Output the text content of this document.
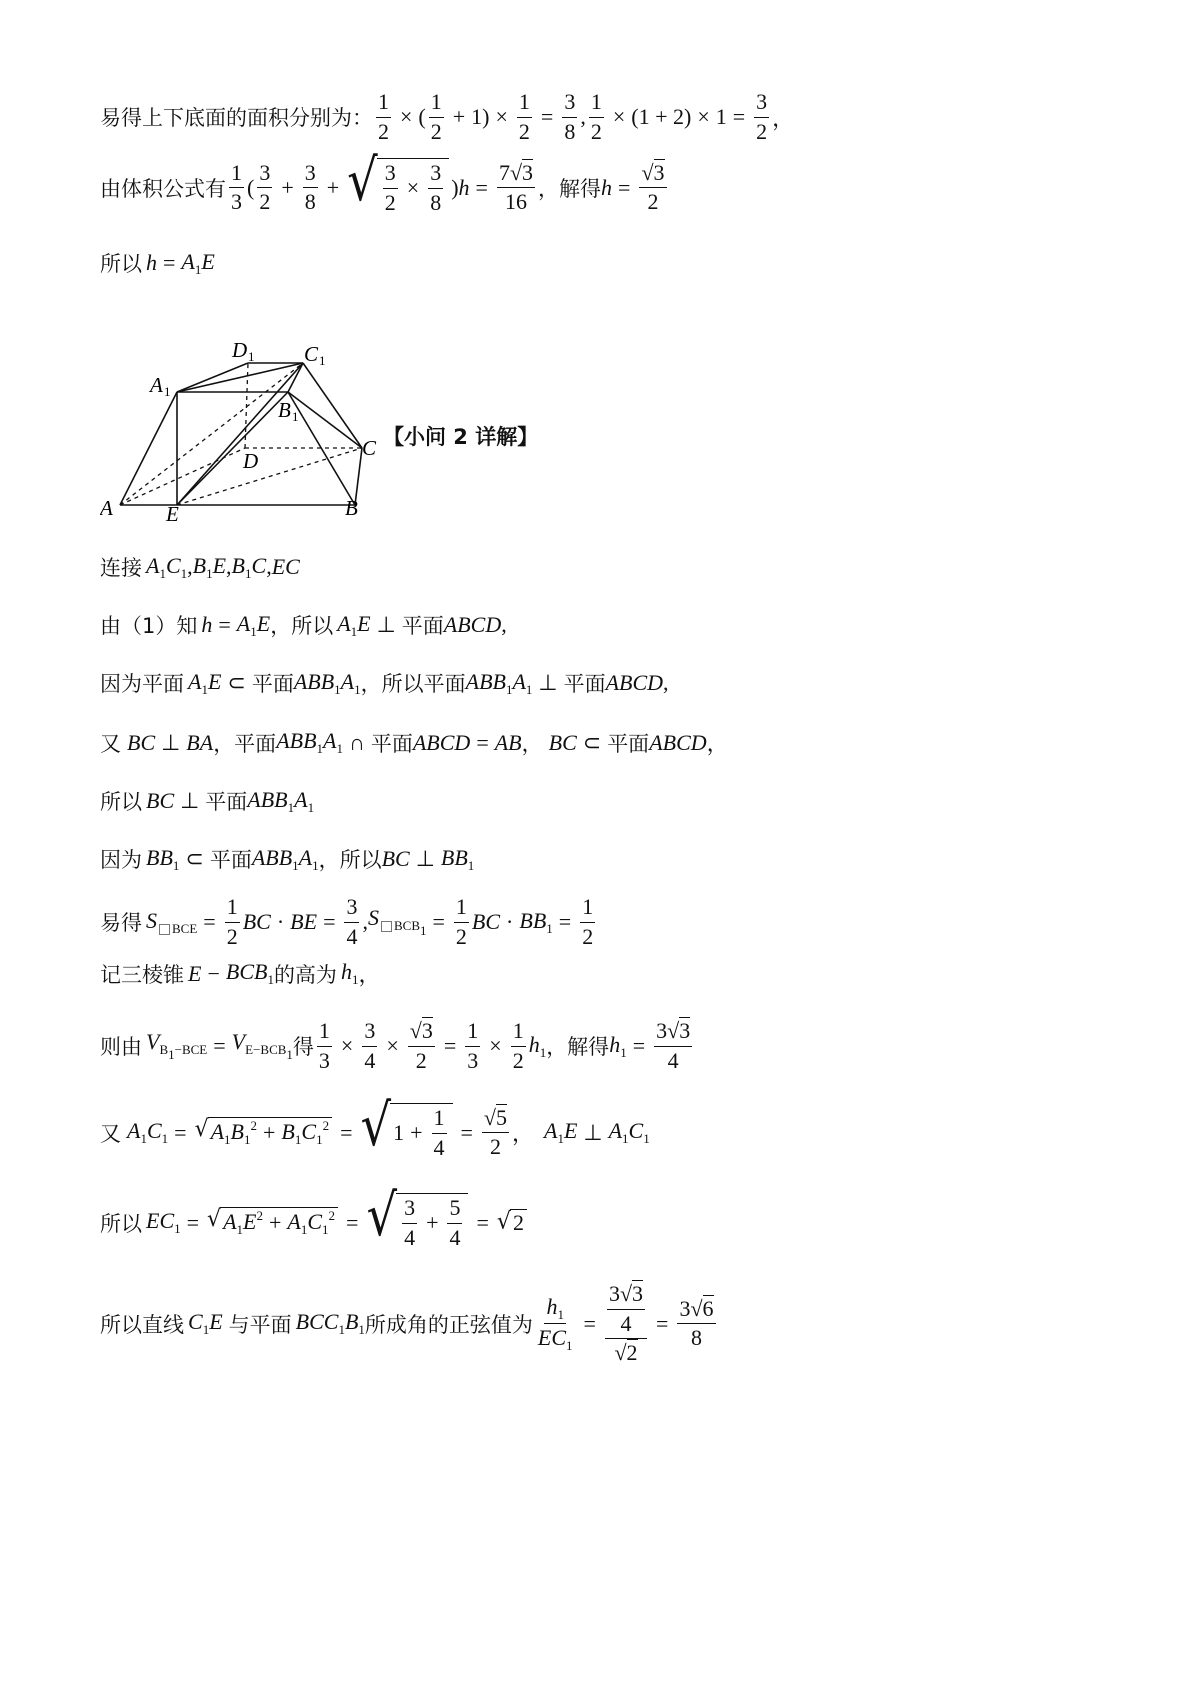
易得上下底面的面积分别为： $\frac{1}{2}$ × ( $\frac{1}{2} + 1) \times \frac{1}{2} = \frac{3}{8}$ , $\frac{1}{2} \times (1 + 2) \times 1 = \frac{3}{2}$ ，
由体积公式有 $\frac{1}{3}$ ( $\frac{3}{2} + \frac{3}{8}$ + √ $\frac{3}{2} \times \frac{3}{8}$ ) $h = \frac{7√3}{16}$ ，解得 $h = \frac{√3}{2}$
所以 $h = A_1E$
A	B
C
D
E
A 1
B 1
C 1
D 1
【小问 2 详解】
连接 $A_1C_1$ , $B_1E$ , $B_1C$ , EC
由（1）知 $h = A_1E$ ，所以 $A_1E$ ⊥ 平面 ABCD ,
因为平面 $A_1E$ ⊂ 平面 $ABB_1A_1$ ，所以平面 $ABB_1A_1$ ⊥ 平面 ABCD ,
又 BC ⊥ BA ，平面 $ABB_1A_1$ ∩ 平面 ABCD = AB ， BC ⊂ 平面 ABCD ，
所以 BC ⊥ 平面 $ABB_1A_1$
因为 $BB_1$ ⊂ 平面 $ABB_1A_1$ ，所以 BC ⊥ $BB_1$
易得 S $_{BCE} = \frac{1}{2}$ BC · BE = $\frac{3}{4}$ , S $_{BCB_1} = \frac{1}{2}$ BC · $BB_1 = \frac{1}{2}$
记三棱锥 $E - BCB_1$ 的高为 $h_1$ ，
则由 $V_{B_1-BCE} = V_{E-BCB_1}$ 得 $\frac{1}{3} \times \frac{3}{4} \times \frac{√3}{2} = \frac{1}{3} \times \frac{1}{2} h_1$ ，解得 $h_1 = \frac{3√3}{4}$
又 $A_1C_1$ = √ $A_1B_1^2 + B_1C_1^2$ = √ $1 + \frac{1}{4} = \frac{√5}{2}$ ， $A_1E$ ⊥ $A_1C_1$
所以 $EC_1$ = √ $A_1E^2 + A_1C_1^2$ = √ $\frac{3}{4} + \frac{5}{4}$ = √ 2
所以直线 $C_1E$ 与平面 $BCC_1B_1$ 所成角的正弦值为 $\frac{h_1}{EC_1} = \frac{\frac{3√3}{4}}{√2} = \frac{3√6}{8}$
